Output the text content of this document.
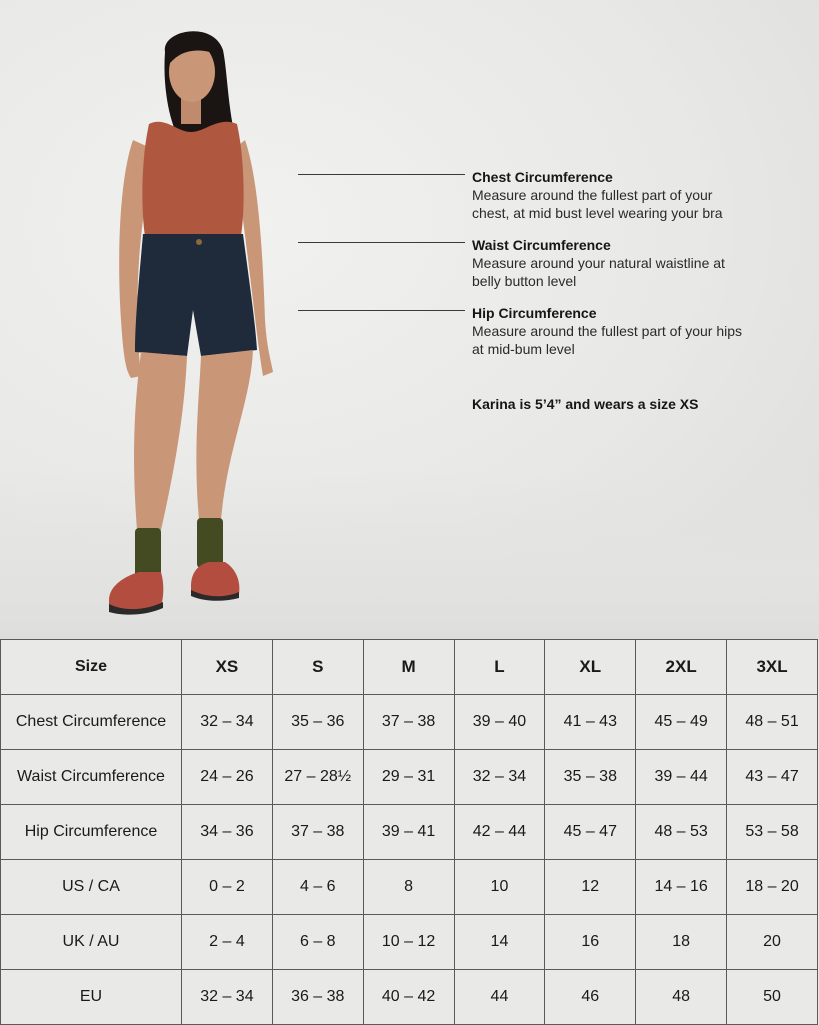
Chest Circumference
Measure around the fullest part of your
chest, at mid bust level wearing your bra
Waist Circumference
Measure around your natural waistline at
belly button level
Hip Circumference
Measure around the fullest part of your hips
at mid-bum level
Karina is 5’4” and wears a size XS
Size	XS	S	M	L	XL	2XL	3XL
Chest Circumference	32 – 34	35 – 36	37 – 38	39 – 40	41 – 43	45 – 49	48 – 51
Waist Circumference	24 – 26	27 – 28½	29 – 31	32 – 34	35 – 38	39 – 44	43 – 47
Hip Circumference	34 – 36	37 – 38	39 – 41	42 – 44	45 – 47	48 – 53	53 – 58
US / CA	0 – 2	4 – 6	8	10	12	14 – 16	18 – 20
UK / AU	2 – 4	6 – 8	10 – 12	14	16	18	20
EU	32 – 34	36 – 38	40 – 42	44	46	48	50
